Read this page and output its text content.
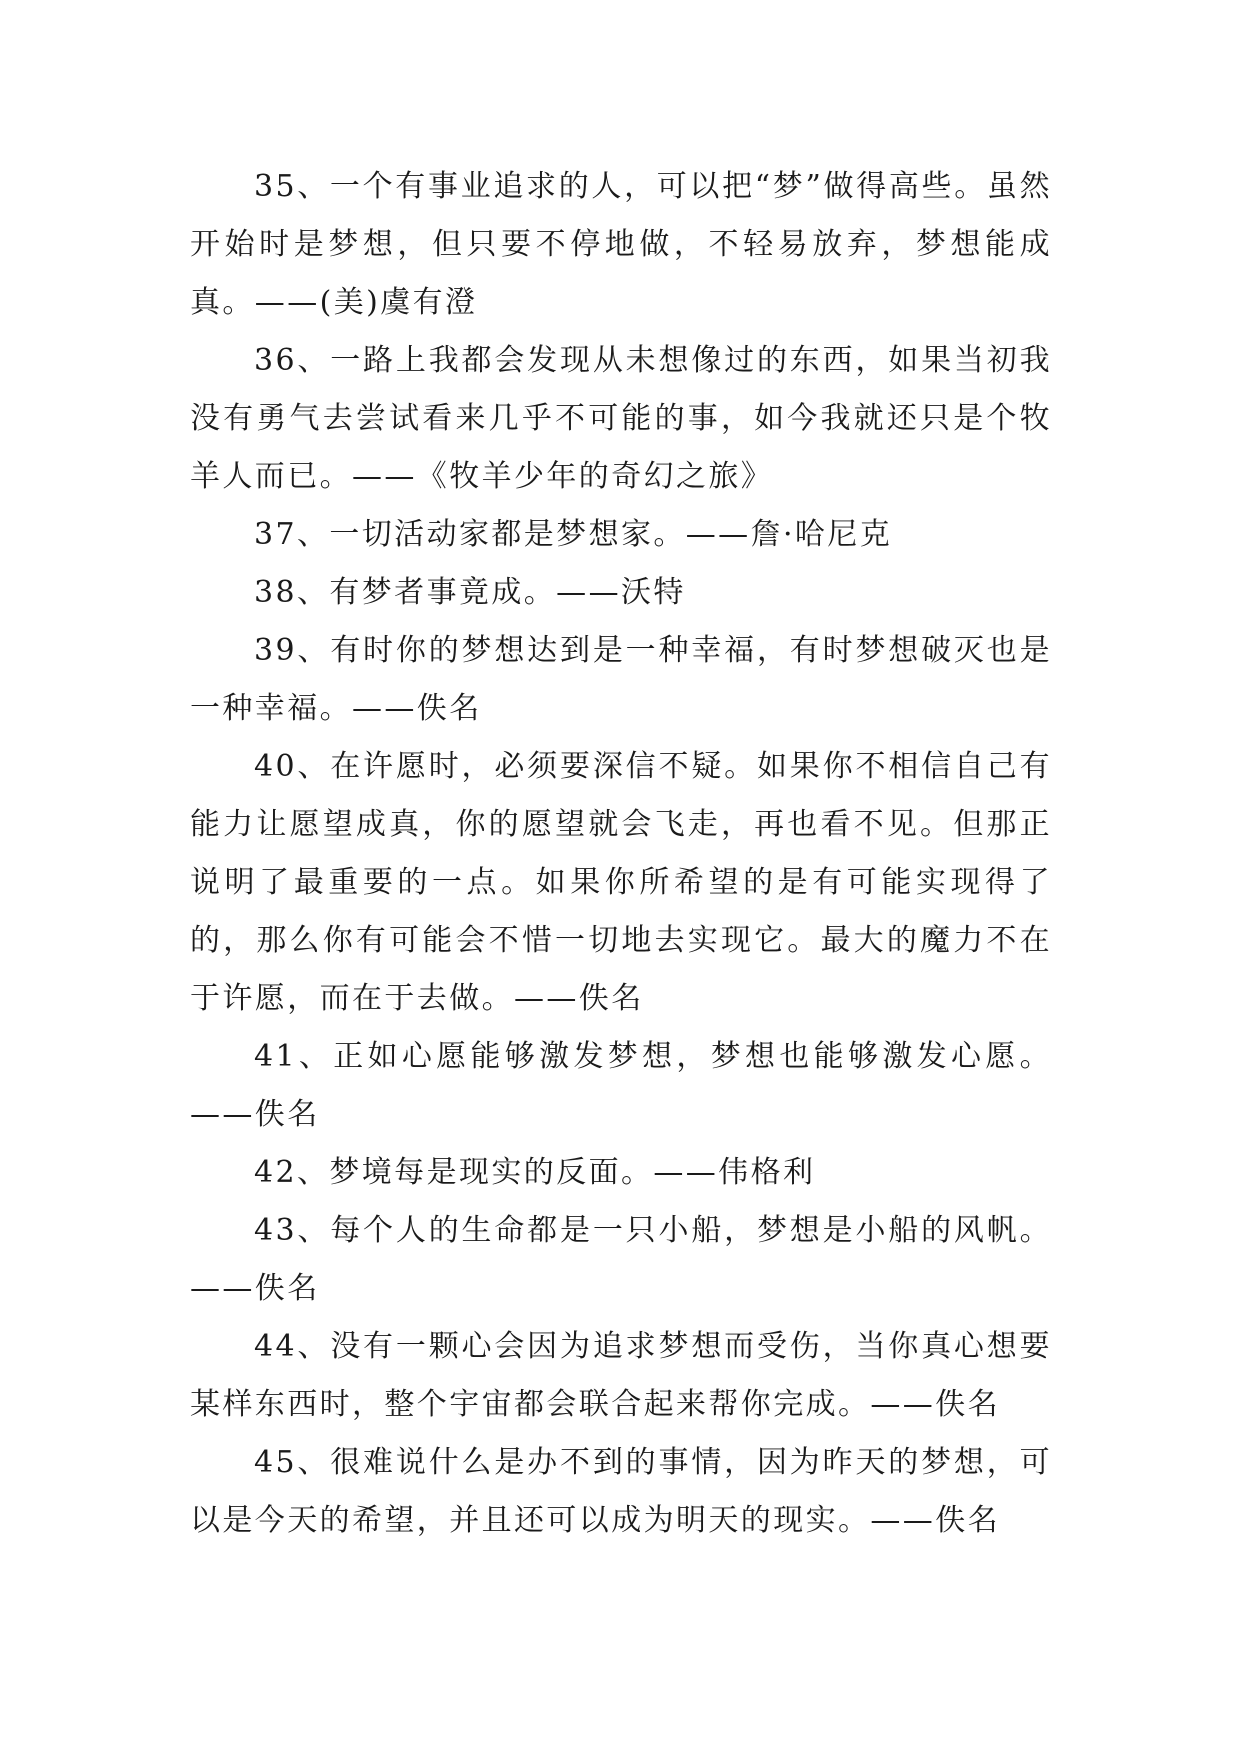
35、一个有事业追求的人，可以把“梦”做得高些。虽然开始时是梦想，但只要不停地做，不轻易放弃，梦想能成真。——(美)虞有澄

36、一路上我都会发现从未想像过的东西，如果当初我没有勇气去尝试看来几乎不可能的事，如今我就还只是个牧羊人而已。——《牧羊少年的奇幻之旅》

37、一切活动家都是梦想家。——詹·哈尼克

38、有梦者事竟成。——沃特

39、有时你的梦想达到是一种幸福，有时梦想破灭也是一种幸福。——佚名

40、在许愿时，必须要深信不疑。如果你不相信自己有能力让愿望成真，你的愿望就会飞走，再也看不见。但那正说明了最重要的一点。如果你所希望的是有可能实现得了的，那么你有可能会不惜一切地去实现它。最大的魔力不在于许愿，而在于去做。——佚名

41、正如心愿能够激发梦想，梦想也能够激发心愿。——佚名

42、梦境每是现实的反面。——伟格利

43、每个人的生命都是一只小船，梦想是小船的风帆。——佚名

44、没有一颗心会因为追求梦想而受伤，当你真心想要某样东西时，整个宇宙都会联合起来帮你完成。——佚名

45、很难说什么是办不到的事情，因为昨天的梦想，可以是今天的希望，并且还可以成为明天的现实。——佚名
